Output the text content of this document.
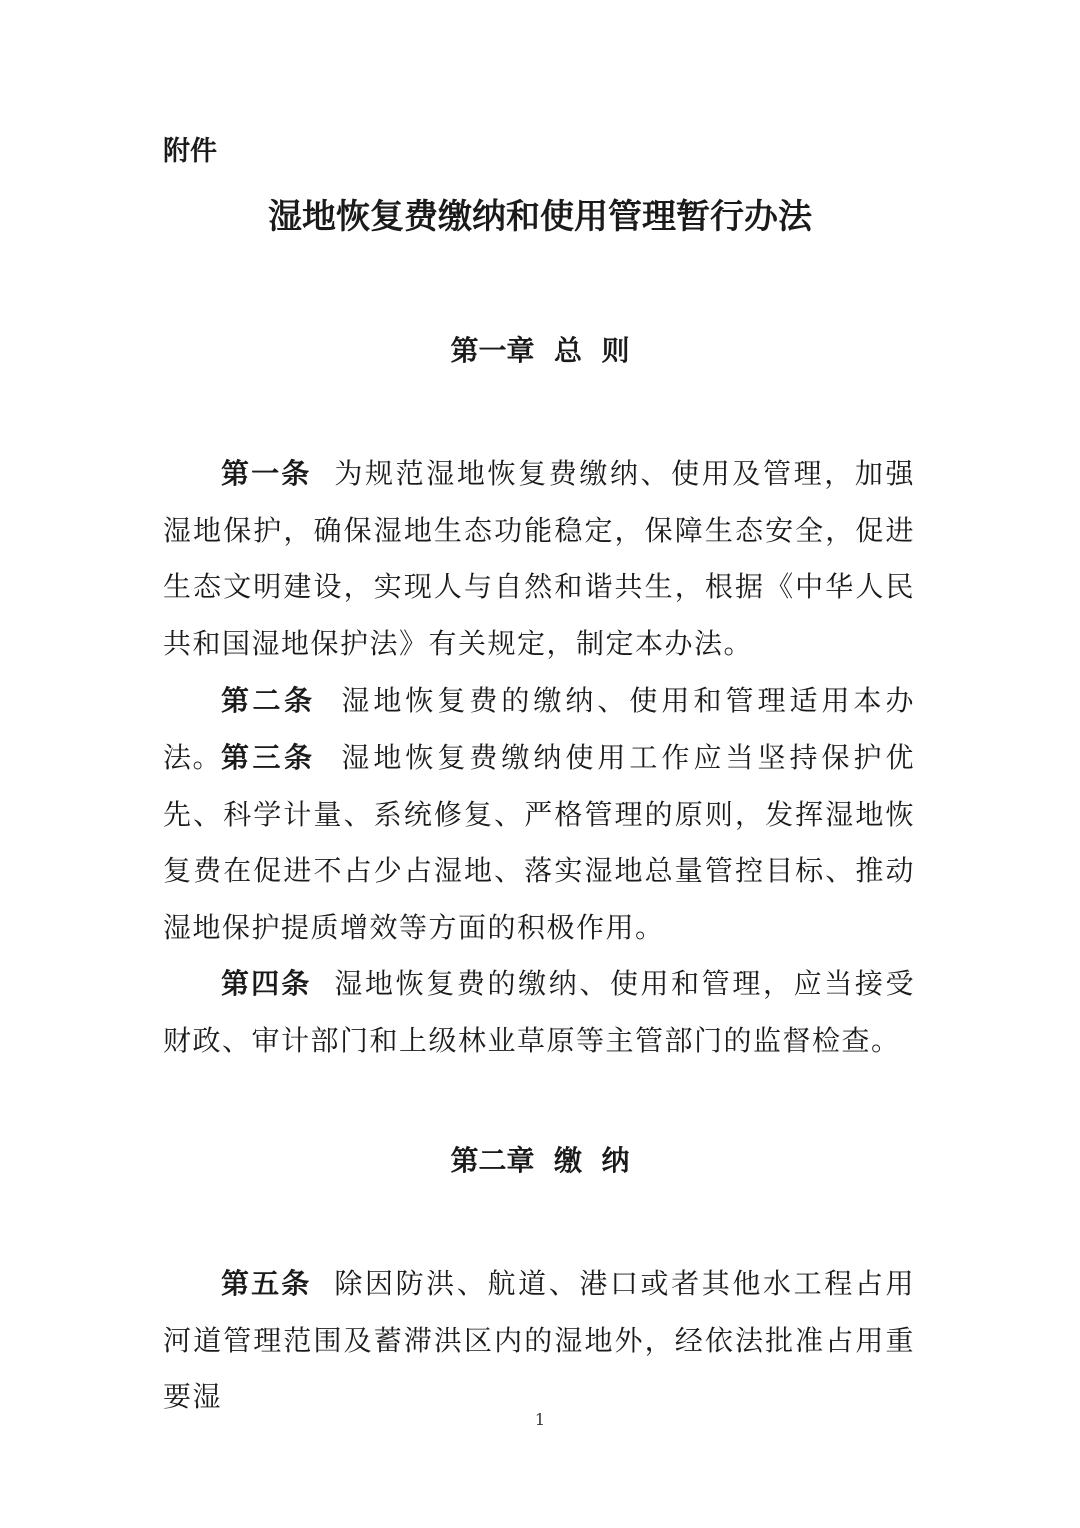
附件
湿地恢复费缴纳和使用管理暂行办法
第一章  总  则
第一条 为规范湿地恢复费缴纳、使用及管理，加强湿地保护，确保湿地生态功能稳定，保障生态安全，促进生态文明建设，实现人与自然和谐共生，根据《中华人民共和国湿地保护法》有关规定，制定本办法。
第二条 湿地恢复费的缴纳、使用和管理适用本办法。
第三条 湿地恢复费缴纳使用工作应当坚持保护优先、科学计量、系统修复、严格管理的原则，发挥湿地恢复费在促进不占少占湿地、落实湿地总量管控目标、推动湿地保护提质增效等方面的积极作用。
第四条 湿地恢复费的缴纳、使用和管理，应当接受财政、审计部门和上级林业草原等主管部门的监督检查。
第二章  缴  纳
第五条 除因防洪、航道、港口或者其他水工程占用河道管理范围及蓄滞洪区内的湿地外，经依法批准占用重要湿
1
